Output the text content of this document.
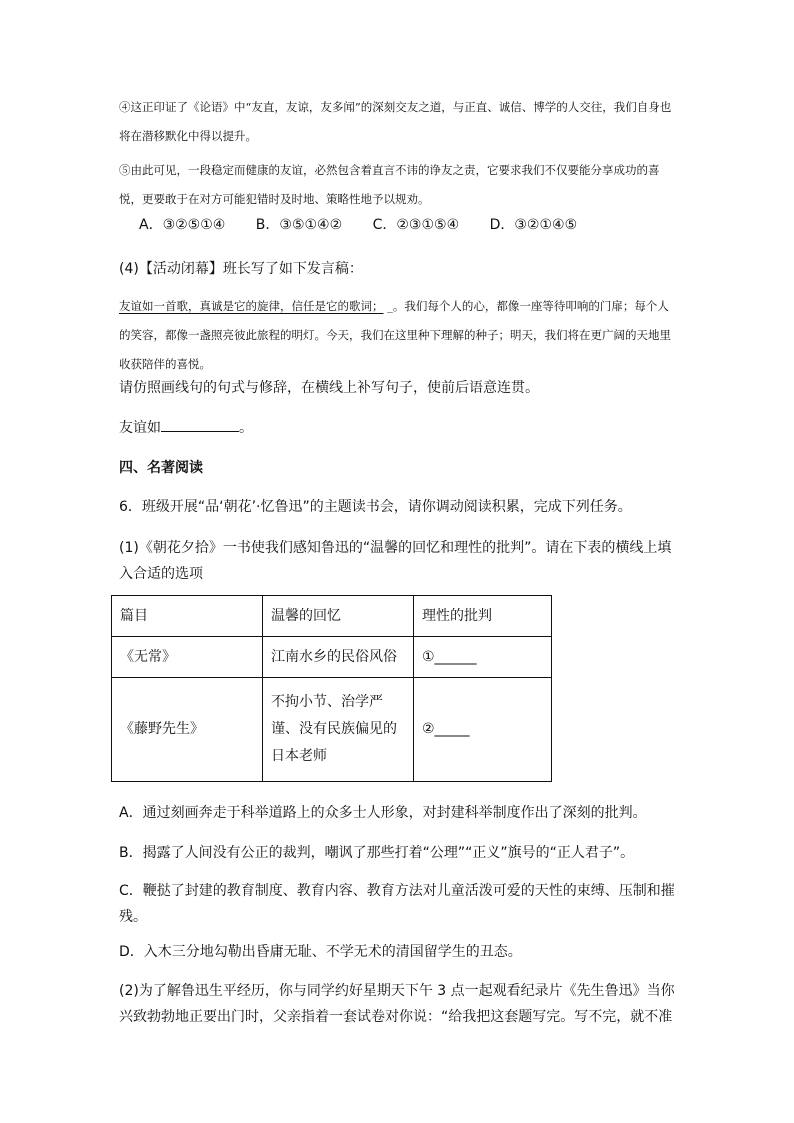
④这正印证了《论语》中“友直，友谅，友多闻”的深刻交友之道，与正直、诚信、博学的人交往，我们自身也将在潜移默化中得以提升。

⑤由此可见，一段稳定而健康的友谊，必然包含着直言不讳的诤友之责，它要求我们不仅要能分享成功的喜悦，更要敢于在对方可能犯错时及时地、策略性地予以规劝。

A．③②⑤①④ B．③⑤①④② C．②③①⑤④ D．③②①④⑤

(4)【活动闭幕】班长写了如下发言稿：

友谊如一首歌，真诚是它的旋律，信任是它的歌词； _。我们每个人的心，都像一座等待叩响的门扉；每个人的笑容，都像一盏照亮彼此旅程的明灯。今天，我们在这里种下理解的种子；明天，我们将在更广阔的天地里收获陪伴的喜悦。

请仿照画线句的句式与修辞，在横线上补写句子，使前后语意连贯。

友谊如	。

四、名著阅读

6．班级开展“品‘朝花’·忆鲁迅”的主题读书会，请你调动阅读积累，完成下列任务。

(1)《朝花夕拾》一书使我们感知鲁迅的“温馨的回忆和理性的批判”。请在下表的横线上填入合适的选项

篇目	温馨的回忆	理性的批判
《无常》	江南水乡的民俗风俗	①______
《藤野先生》	不拘小节、治学严谨、没有民族偏见的日本老师	②_____

A．通过刻画奔走于科举道路上的众多士人形象，对封建科举制度作出了深刻的批判。

B．揭露了人间没有公正的裁判，嘲讽了那些打着“公理”“正义”旗号的“正人君子”。

C．鞭挞了封建的教育制度、教育内容、教育方法对儿童活泼可爱的天性的束缚、压制和摧残。

D．入木三分地勾勒出昏庸无耻、不学无术的清国留学生的丑态。

(2)为了解鲁迅生平经历，你与同学约好星期天下午 3 点一起观看纪录片《先生鲁迅》当你兴致勃勃地正要出门时，父亲指着一套试卷对你说：“给我把这套题写完。写不完，就不准
